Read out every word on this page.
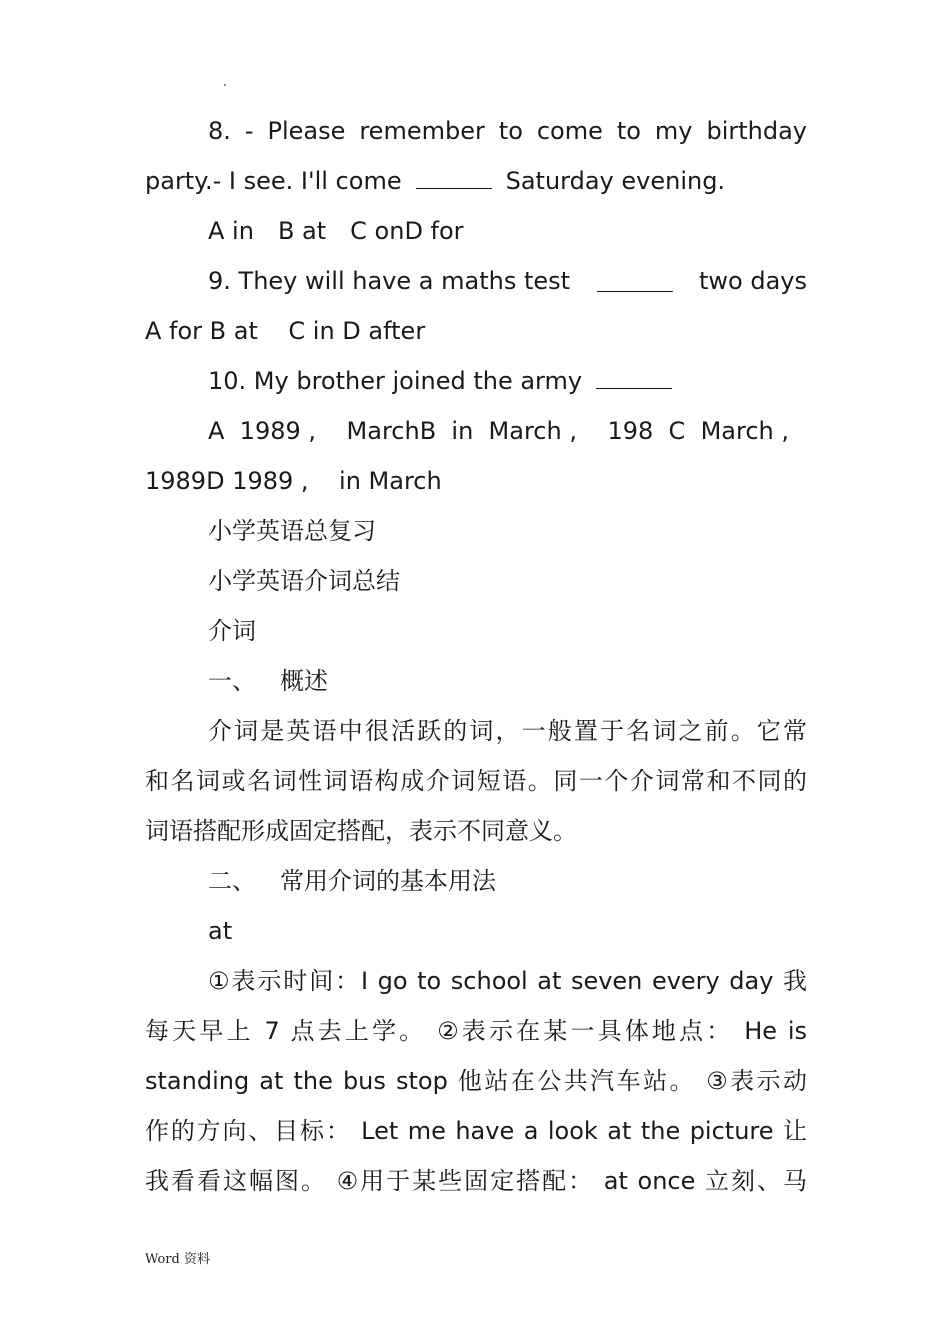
8. - Please remember to come to my birthday
party.- I see. I'll come	Saturday evening.
A in B at C onD for
9. They will have a maths test	two days
A for B at    C in D after
10. My brother joined the army
A  1989 ,    MarchB  in  March ,    198  C  March ,
1989D 1989 ,    in March
小学英语总复习
小学英语介词总结
介词
一、 概述
介词是英语中很活跃的词，一般置于名词之前。它常
和名词或名词性词语构成介词短语。同一个介词常和不同的
词语搭配形成固定搭配，表示不同意义。
二、 常用介词的基本用法
at
①表示时间：I go to school at seven every day 我
每天早上 7 点去上学。 ②表示在某一具体地点： He is
standing at the bus stop 他站在公共汽车站。 ③表示动
作的方向、目标： Let me have a look at the picture 让
我看看这幅图。 ④用于某些固定搭配： at once 立刻、马
Word 资料
